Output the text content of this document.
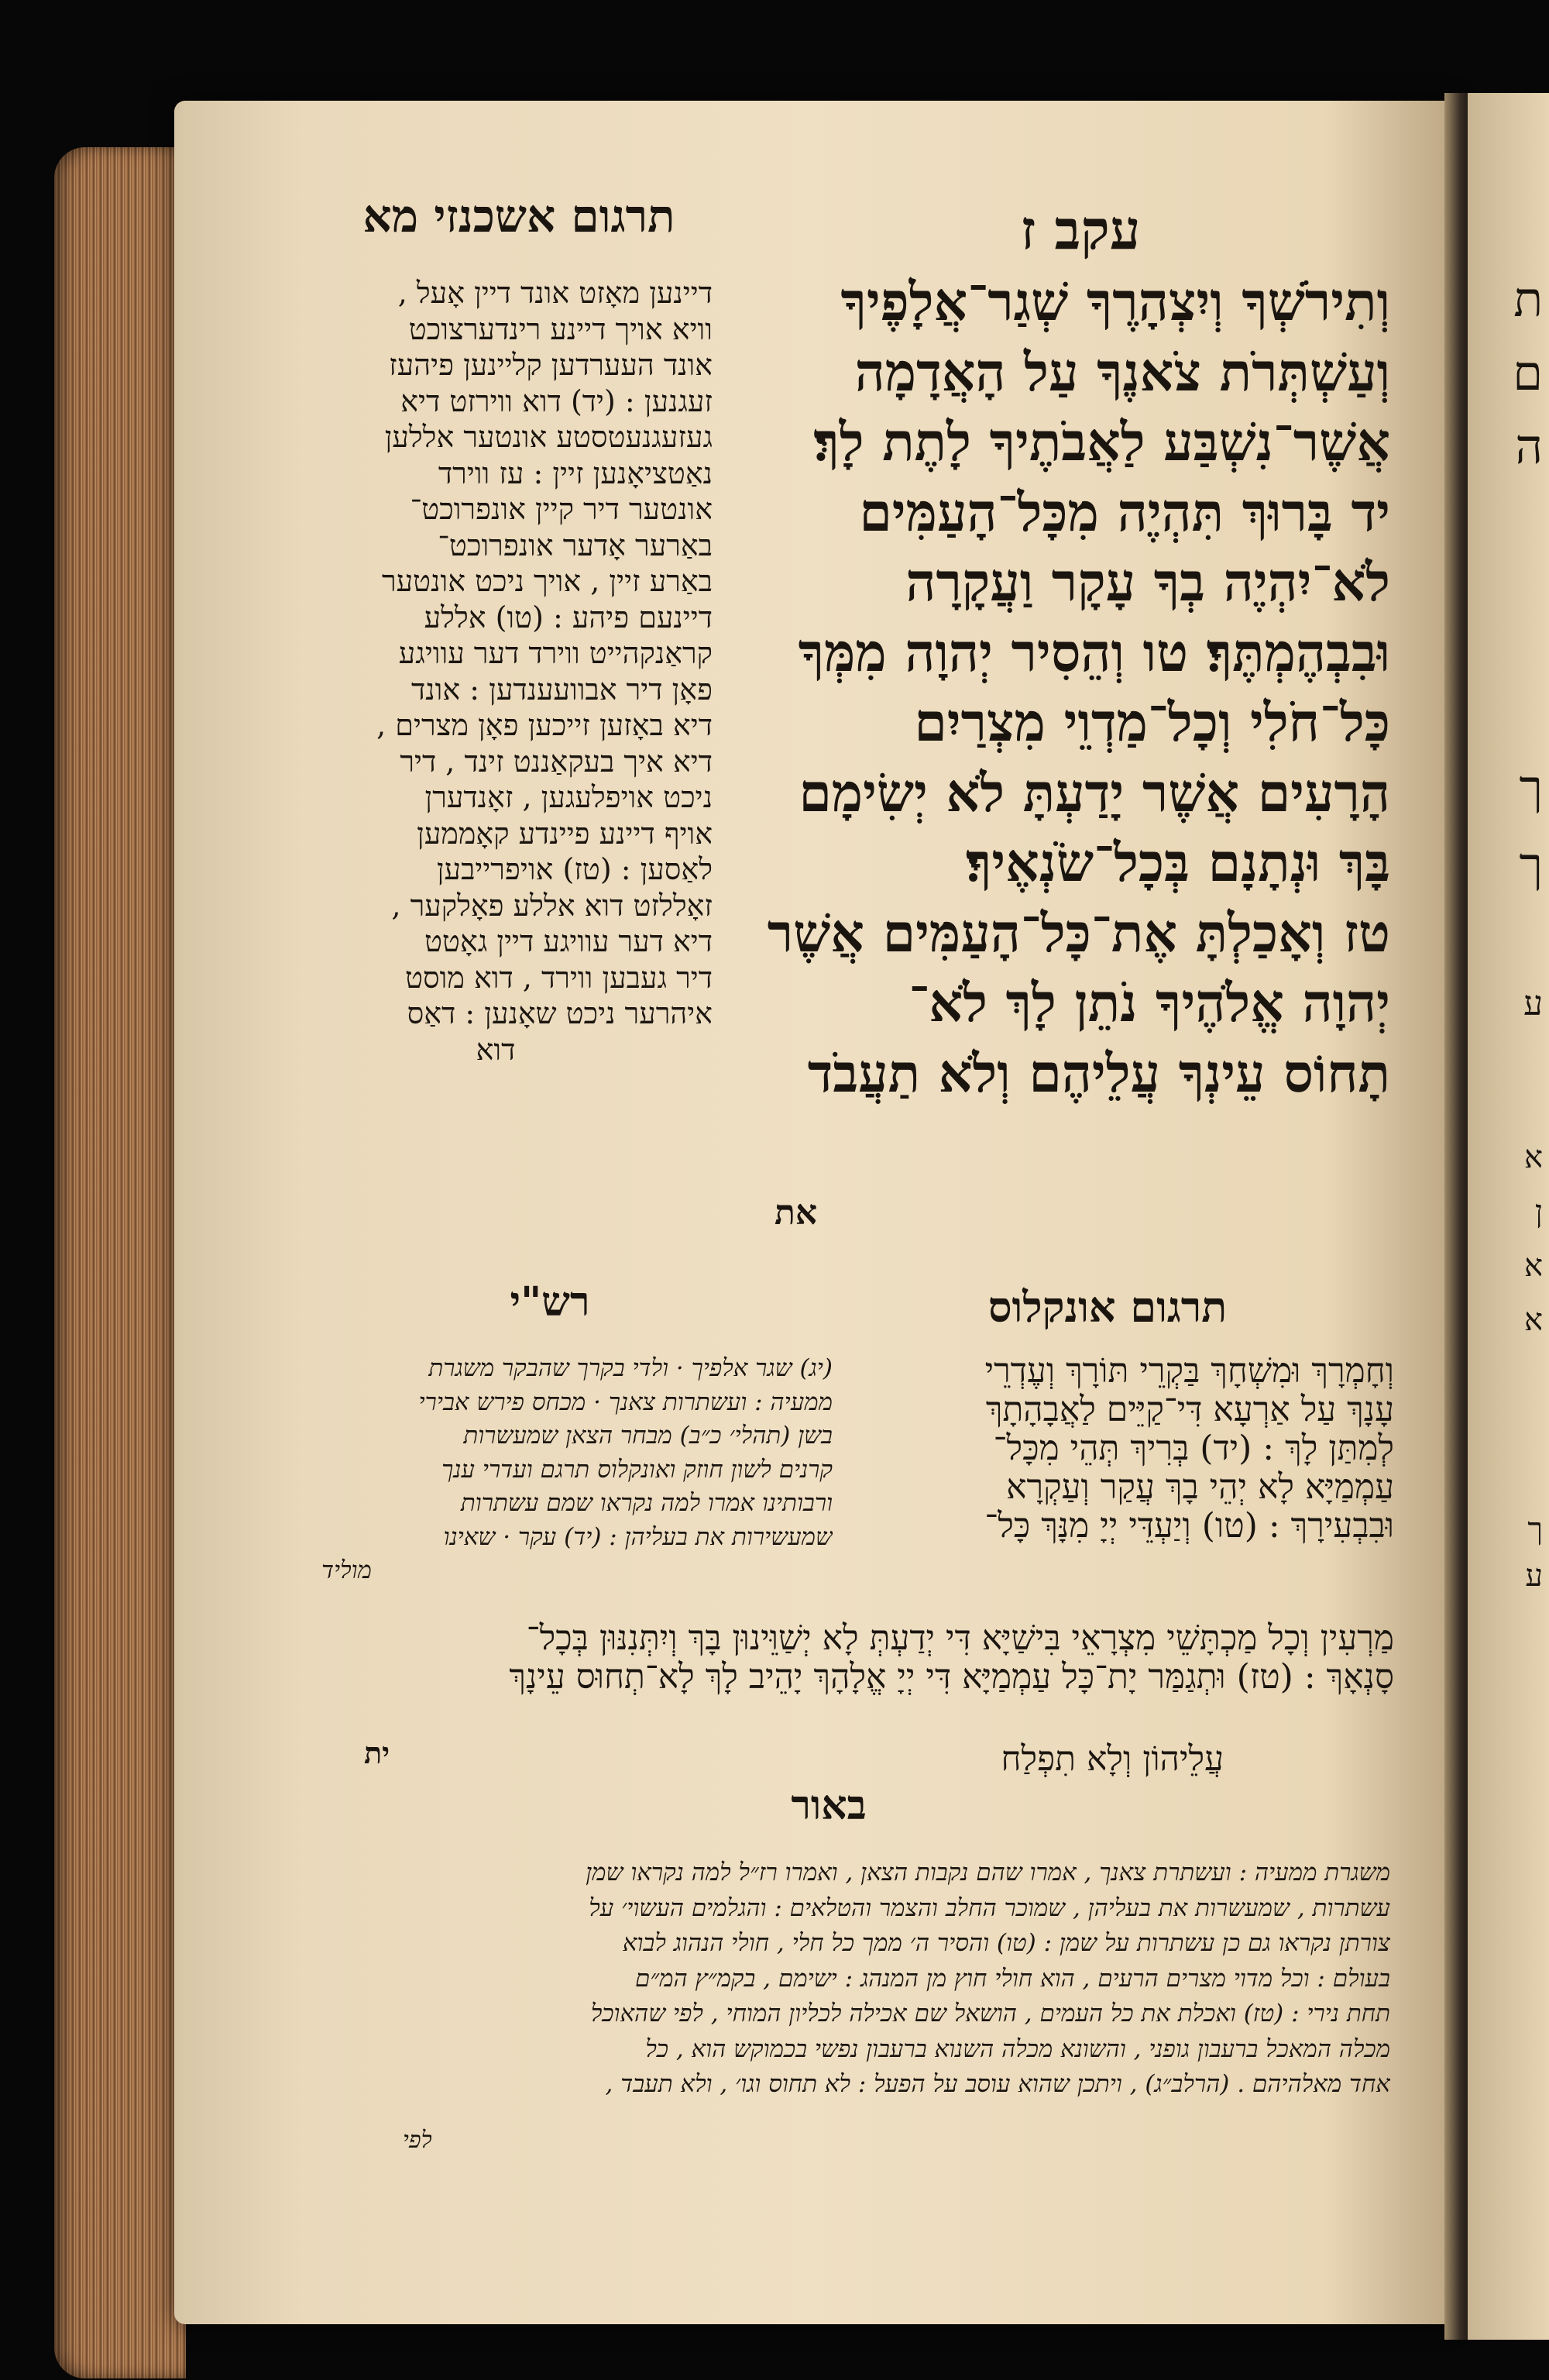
ת
ם
ה
ך
ך
ע
א
ן
א
א
ך
ע
תרגום אשכנזי מא	עקב ז
דיינען מאָזט אונד דיין אָעל ,
וויא אויך דיינע רינדערצוכט
אונד העערדען קליינען פיהעז
זעגנען : (יד) דוא ווירזט דיא
געזעגנעטסטע אונטער אללען
נאַטציאָנען זיין : עז ווירד
אונטער דיר קיין אונפרוכט־
באַרער אָדער אונפרוכט־
באַרע זיין , אויך ניכט אונטער
דיינעם פיהע : (טו) אללע
קראַנקהייט ווירד דער עוויגע
פאָן דיר אבוועענדען : אונד
דיא באָזען זייכען פאָן מצרים ,
דיא איך בעקאַננט זינד , דיר
ניכט אויפלעגען , זאָנדערן
אויף דיינע פיינדע קאָממען
לאַסען : (טז) אויפרייבען
זאָללזט דוא אללע פאָלקער ,
דיא דער עוויגע דיין גאָטט
דיר געבען ווירד , דוא מוסט
איהרער ניכט שאָנען : דאַס
דוא
וְתִירֹשְׁךָ וְיִצְהָרֶךָ שְׁגַר־אֲלָפֶיךָ
וְעַשְׁתְּרֹת צֹאנֶךָ עַל הָאֲדָמָה
אֲשֶׁר־נִשְׁבַּע לַאֲבֹתֶיךָ לָתֶת לָךְ׃
יד בָּרוּךְ תִּהְיֶה מִכָּל־הָעַמִּים
לֹא־יִהְיֶה בְךָ עָקָר וַעֲקָרָה
וּבִבְהֶמְתֶּךָ׃ טו וְהֵסִיר יְהוָה מִמְּךָ
כָּל־חֹלִי וְכָל־מַדְוֵי מִצְרַיִם
הָרָעִים אֲשֶׁר יָדַעְתָּ לֹא יְשִׂימָם
בָּךְ וּנְתָנָם בְּכָל־שֹׂנְאֶיךָ׃
טז וְאָכַלְתָּ אֶת־כָּל־הָעַמִּים אֲשֶׁר
יְהוָה אֱלֹהֶיךָ נֹתֵן לָךְ לֹא־
תָחוֹס עֵינְךָ עֲלֵיהֶם וְלֹא תַעֲבֹד
את
רש"י	תרגום אונקלוס
(יג) שגר אלפיך · ולדי בקרך שהבקר משגרת
ממעיה : ועשתרות צאנך · מכחס פירש אבירי
בשן (תהלי׳ כ״ב) מבחר הצאן שמעשרות
קרנים לשון חוזק ואונקלוס תרגם ועדרי ענך
ורבותינו אמרו למה נקראו שמם עשתרות
שמעשירות את בעליהן : (יד) עקר · שאינו
מוליד
וְחָמְרָךְ וּמִשְׁחָךְ בַּקְרֵי תּוֹרָךְ וְעֶדְרֵי
עָנָךְ עַל אַרְעָא דִּי־קַיֵּים לַאֲבָהָתָךְ
לְמִתַּן לָךְ : (יד) בְּרִיךְ תְּהֵי מִכָּל־
עַמְמַיָּא לָא יְהֵי בָךְ עֲקַר וְעַקְרָא
וּבִבְעִירָךְ : (טו) וְיַעְדֵּי יְיָ מִנָּךְ כָּל־
מַרְעִין וְכָל מַכְתָּשֵׁי מִצְרָאֵי בִּישַׁיָּא דִּי יְדַעְתְּ לָא יְשַׁוֵּינוּן בָּךְ וְיִתְּנִנּוּן בְּכָל־
סָנְאָךְ : (טז) וּתְגַמַּר יָת־כָּל עַמְמַיָּא דִּי יְיָ אֱלָהָךְ יָהֵיב לָךְ לָא־תְחוּס עֵינָךְ
עֲלֵיהוֹן וְלָא תִפְלַח
ית
באור
משגרת ממעיה : ועשתרת צאנך , אמרו שהם נקבות הצאן , ואמרו רז״ל למה נקראו שמן
עשתרות , שמעשרות את בעליהן , שמוכר החלב והצמר והטלאים : והגלמים העשוי׳ על
צורתן נקראו גם כן עשתרות על שמן : (טו) והסיר ה׳ ממך כל חלי , חולי הנהוג לבוא
בעולם : וכל מדוי מצרים הרעים , הוא חולי חוץ מן המנהג : ישימם , בקמ״ץ המ״ם
תחת נירי : (טז) ואכלת את כל העמים , הושאל שם אכילה לכליון המוחי , לפי שהאוכל
מכלה המאכל ברעבון גופני , והשונא מכלה השנוא ברעבון נפשי בכמוקש הוא , כל
אחד מאלהיהם . (הרלב״ג) , ויתכן שהוא עוסב על הפעל : לא תחוס וגו׳ , ולא תעבד ,
לפי
